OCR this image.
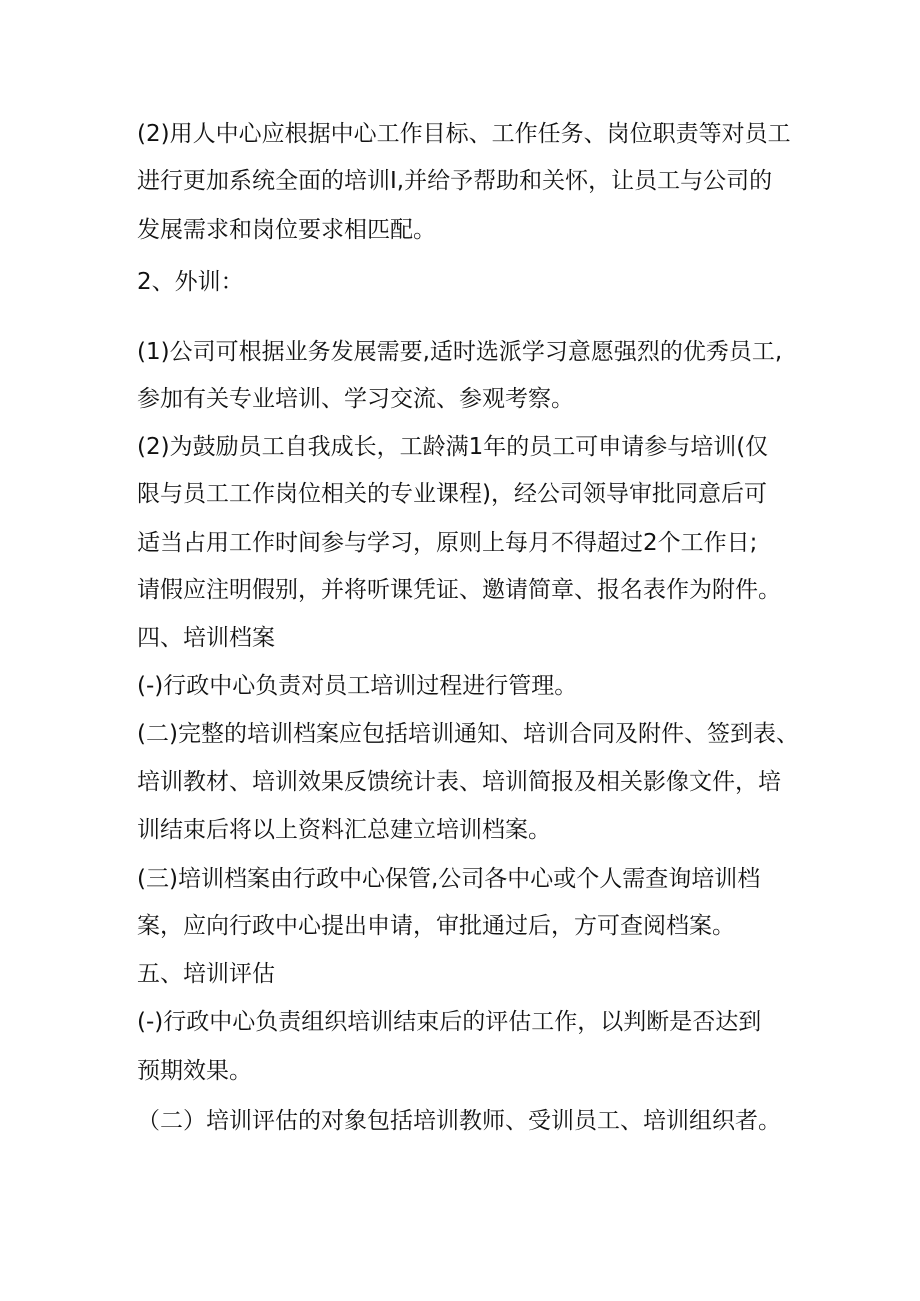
(2)用人中心应根据中心工作目标、工作任务、岗位职责等对员工

进行更加系统全面的培训I,并给予帮助和关怀，让员工与公司的

发展需求和岗位要求相匹配。

2、外训：

(1)公司可根据业务发展需要,适时选派学习意愿强烈的优秀员工,

参加有关专业培训、学习交流、参观考察。

(2)为鼓励员工自我成长，工龄满1年的员工可申请参与培训(仅

限与员工工作岗位相关的专业课程)，经公司领导审批同意后可

适当占用工作时间参与学习，原则上每月不得超过2个工作日;

请假应注明假别，并将听课凭证、邀请简章、报名表作为附件。

四、培训档案

(-)行政中心负责对员工培训过程进行管理。

(二)完整的培训档案应包括培训通知、培训合同及附件、签到表、

培训教材、培训效果反馈统计表、培训简报及相关影像文件，培

训结束后将以上资料汇总建立培训档案。

(三)培训档案由行政中心保管,公司各中心或个人需查询培训档

案，应向行政中心提出申请，审批通过后，方可查阅档案。

五、培训评估

(-)行政中心负责组织培训结束后的评估工作，以判断是否达到

预期效果。

（二）培训评估的对象包括培训教师、受训员工、培训组织者。
